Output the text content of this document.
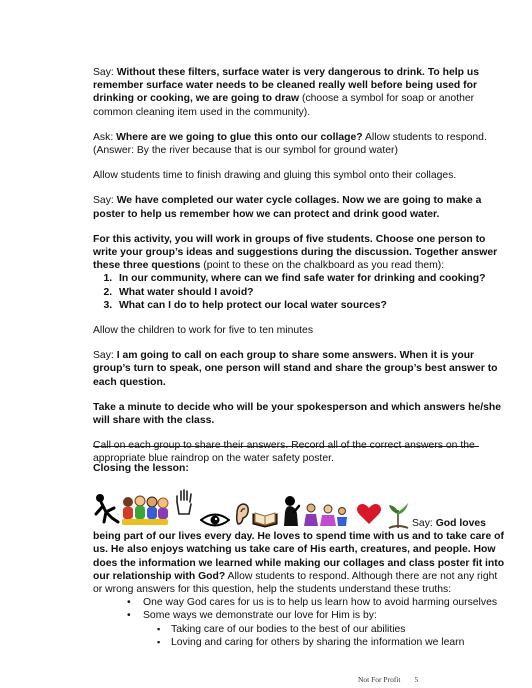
Say: Without these filters, surface water is very dangerous to drink. To help us remember surface water needs to be cleaned really well before being used for drinking or cooking, we are going to draw (choose a symbol for soap or another common cleaning item used in the community).

Ask: Where are we going to glue this onto our collage? Allow students to respond. (Answer: By the river because that is our symbol for ground water)

Allow students time to finish drawing and gluing this symbol onto their collages.

Say: We have completed our water cycle collages. Now we are going to make a poster to help us remember how we can protect and drink good water.

For this activity, you will work in groups of five students. Choose one person to write your group’s ideas and suggestions during the discussion. Together answer these three questions (point to these on the chalkboard as you read them):

1. In our community, where can we find safe water for drinking and cooking?
2. What water should I avoid?
3. What can I do to help protect our local water sources?

Allow the children to work for five to ten minutes

Say: I am going to call on each group to share some answers. When it is your group’s turn to speak, one person will stand and share the group’s best answer to each question.

Take a minute to decide who will be your spokesperson and which answers he/she will share with the class.

Call on each group to share their answers. Record all of the correct answers on the appropriate blue raindrop on the water safety poster.

Closing the lesson:
Say: God loves being part of our lives every day. He loves to spend time with us and to take care of us. He also enjoys watching us take care of His earth, creatures, and people. How does the information we learned while making our collages and class poster fit into our relationship with God? Allow students to respond. Although there are not any right or wrong answers for this question, help the students understand these truths:
• One way God cares for us is to help us learn how to avoid harming ourselves
• Some ways we demonstrate our love for Him is by:
▪ Taking care of our bodies to the best of our abilities
▪ Loving and caring for others by sharing the information we learn
Not For Profit 5
